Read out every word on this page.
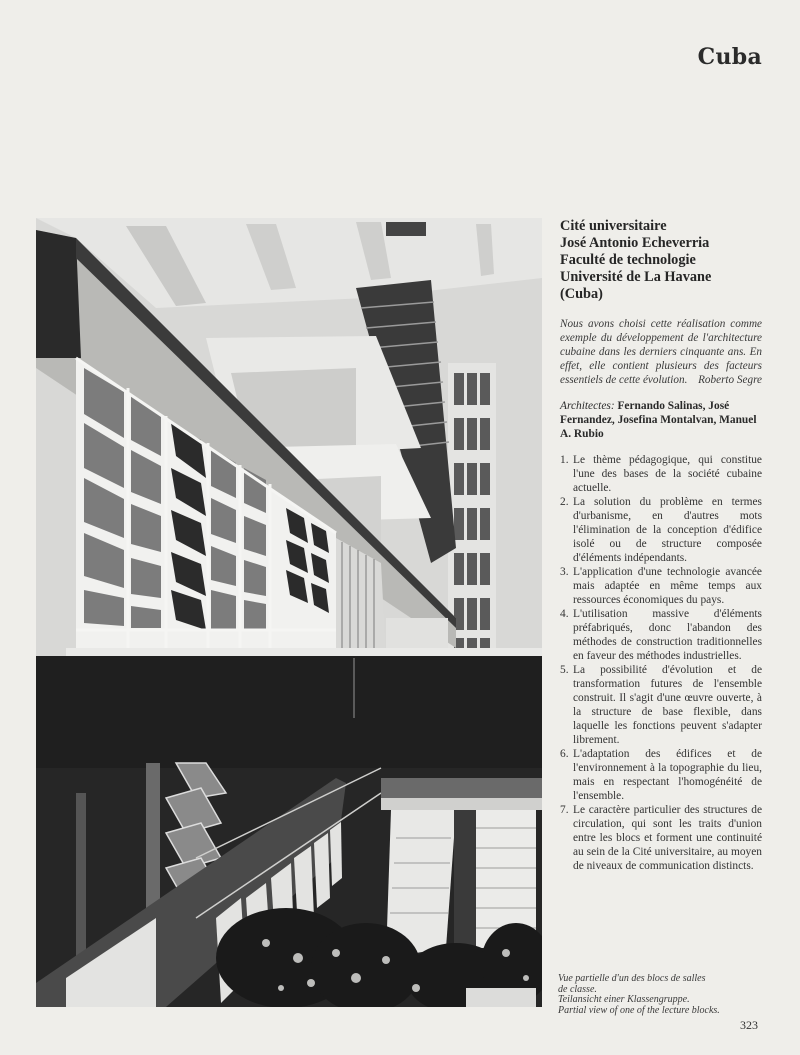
Cuba
Cité universitaire
José Antonio Echeverria
Faculté de technologie
Université de La Havane
(Cuba)

Nous avons choisi cette réalisation comme exemple du développement de l'architecture cubaine dans les derniers cinquante ans. En effet, elle contient plusieurs des facteurs essentiels de cette évolution. Roberto Segre

Architectes: Fernando Salinas, José Fernandez, Josefina Montalvan, Manuel A. Rubio

1. Le thème pédagogique, qui constitue l'une des bases de la société cubaine actuelle.
2. La solution du problème en termes d'urbanisme, en d'autres mots l'élimination de la conception d'édifice isolé ou de structure composée d'éléments indépendants.
3. L'application d'une technologie avancée mais adaptée en même temps aux ressources économiques du pays.
4. L'utilisation massive d'éléments préfabriqués, donc l'abandon des méthodes de construction traditionnelles en faveur des méthodes industrielles.
5. La possibilité d'évolution et de transformation futures de l'ensemble construit. Il s'agit d'une œuvre ouverte, à la structure de base flexible, dans laquelle les fonctions peuvent s'adapter librement.
6. L'adaptation des édifices et de l'environnement à la topographie du lieu, mais en respectant l'homogénéité de l'ensemble.
7. Le caractère particulier des structures de circulation, qui sont les traits d'union entre les blocs et forment une continuité au sein de la Cité universitaire, au moyen de niveaux de communication distincts.
Vue partielle d'un des blocs de salles
de classe.
Teilansicht einer Klassengruppe.
Partial view of one of the lecture blocks.
323
